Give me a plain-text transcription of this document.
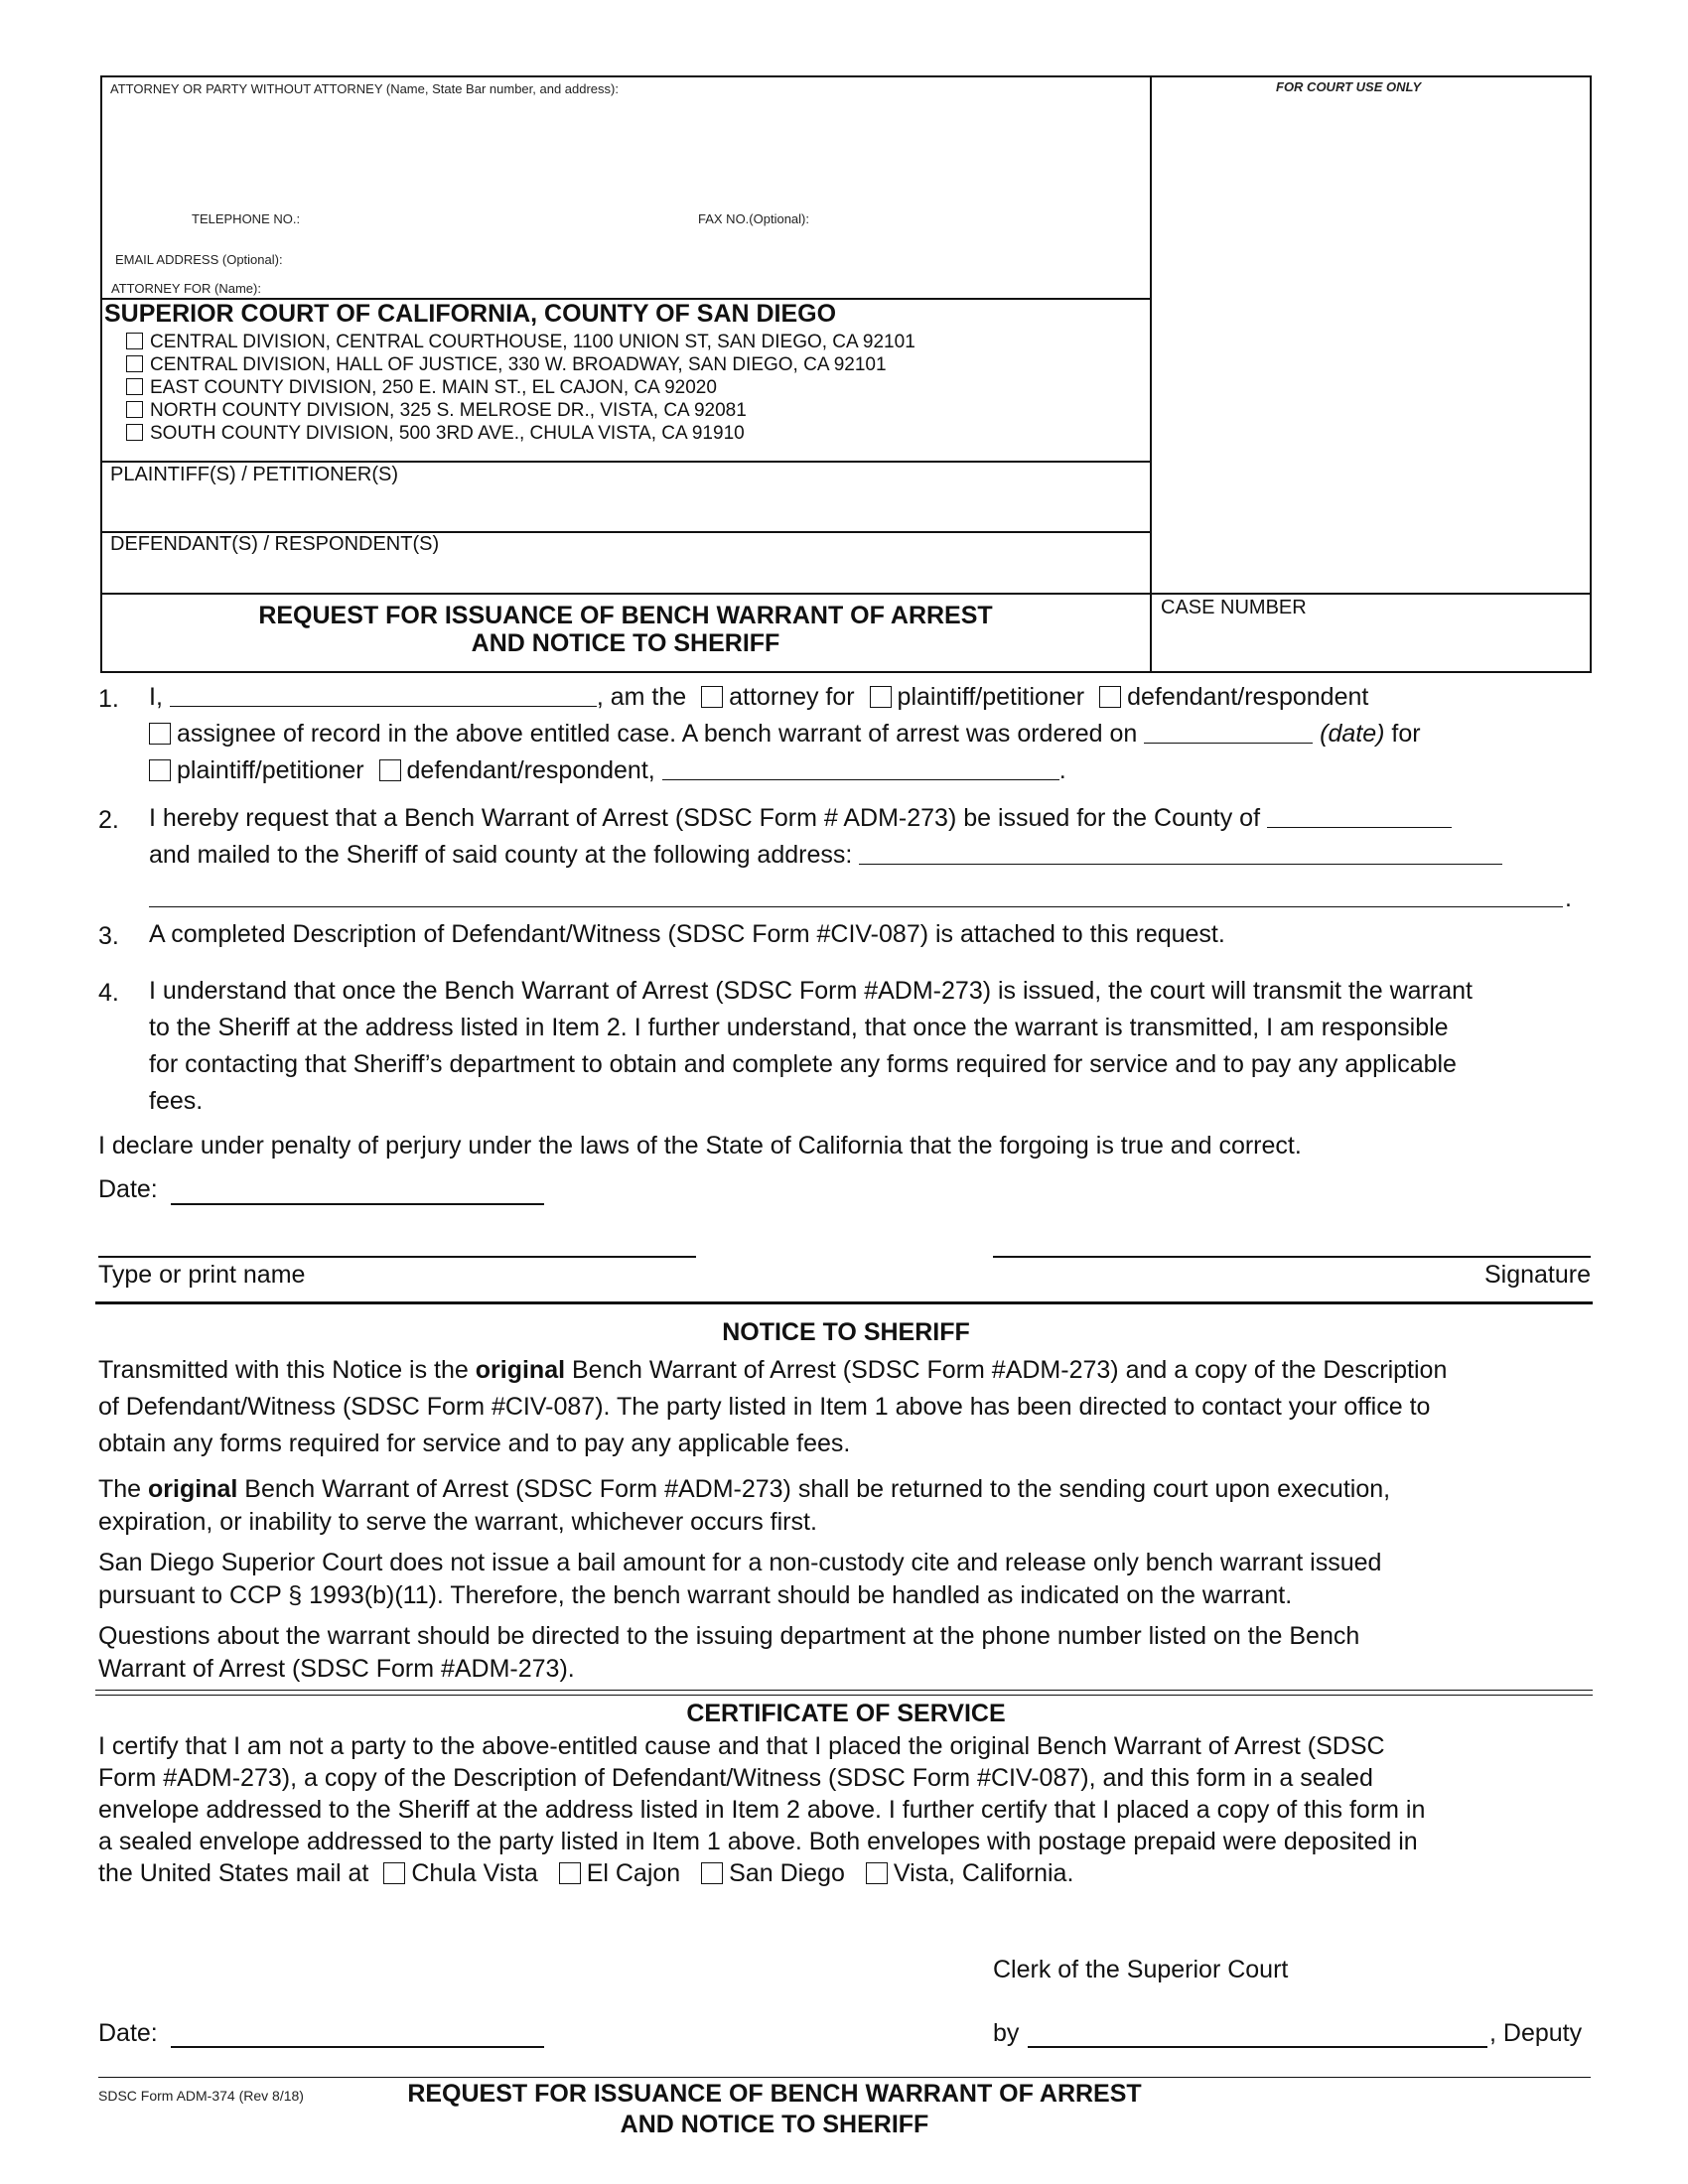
ATTORNEY OR PARTY WITHOUT ATTORNEY (Name, State Bar number, and address):	FOR COURT USE ONLY
TELEPHONE NO.:	FAX NO.(Optional):
EMAIL ADDRESS (Optional):
ATTORNEY FOR (Name):
SUPERIOR COURT OF CALIFORNIA, COUNTY OF SAN DIEGO
CENTRAL DIVISION, CENTRAL COURTHOUSE, 1100 UNION ST, SAN DIEGO, CA 92101
CENTRAL DIVISION, HALL OF JUSTICE, 330 W. BROADWAY, SAN DIEGO, CA 92101
EAST COUNTY DIVISION, 250 E. MAIN ST., EL CAJON, CA 92020
NORTH COUNTY DIVISION, 325 S. MELROSE DR., VISTA, CA 92081
SOUTH COUNTY DIVISION, 500 3RD AVE., CHULA VISTA, CA 91910
PLAINTIFF(S) / PETITIONER(S)
DEFENDANT(S) / RESPONDENT(S)
REQUEST FOR ISSUANCE OF BENCH WARRANT OF ARREST
AND NOTICE TO SHERIFF
CASE NUMBER
1. I,	, am the attorney for plaintiff/petitioner defendant/respondent
assignee of record in the above entitled case. A bench warrant of arrest was ordered on	(date) for
plaintiff/petitioner defendant/respondent,	.
2. I hereby request that a Bench Warrant of Arrest (SDSC Form # ADM-273) be issued for the County of
and mailed to the Sheriff of said county at the following address:
.
3. A completed Description of Defendant/Witness (SDSC Form #CIV-087) is attached to this request.
4. I understand that once the Bench Warrant of Arrest (SDSC Form #ADM-273) is issued, the court will transmit the warrant
to the Sheriff at the address listed in Item 2. I further understand, that once the warrant is transmitted, I am responsible
for contacting that Sheriff’s department to obtain and complete any forms required for service and to pay any applicable
fees.
I declare under penalty of perjury under the laws of the State of California that the forgoing is true and correct.
Date:
Type or print name	Signature
NOTICE TO SHERIFF
Transmitted with this Notice is the original Bench Warrant of Arrest (SDSC Form #ADM-273) and a copy of the Description
of Defendant/Witness (SDSC Form #CIV-087). The party listed in Item 1 above has been directed to contact your office to
obtain any forms required for service and to pay any applicable fees.
The original Bench Warrant of Arrest (SDSC Form #ADM-273) shall be returned to the sending court upon execution,
expiration, or inability to serve the warrant, whichever occurs first.
San Diego Superior Court does not issue a bail amount for a non-custody cite and release only bench warrant issued
pursuant to CCP § 1993(b)(11). Therefore, the bench warrant should be handled as indicated on the warrant.
Questions about the warrant should be directed to the issuing department at the phone number listed on the Bench
Warrant of Arrest (SDSC Form #ADM-273).
CERTIFICATE OF SERVICE
I certify that I am not a party to the above-entitled cause and that I placed the original Bench Warrant of Arrest (SDSC
Form #ADM-273), a copy of the Description of Defendant/Witness (SDSC Form #CIV-087), and this form in a sealed
envelope addressed to the Sheriff at the address listed in Item 2 above. I further certify that I placed a copy of this form in
a sealed envelope addressed to the party listed in Item 1 above. Both envelopes with postage prepaid were deposited in
the United States mail at Chula Vista El Cajon San Diego Vista, California.
Clerk of the Superior Court
Date:	by	, Deputy
SDSC Form ADM-374 (Rev 8/18)	REQUEST FOR ISSUANCE OF BENCH WARRANT OF ARREST
AND NOTICE TO SHERIFF
